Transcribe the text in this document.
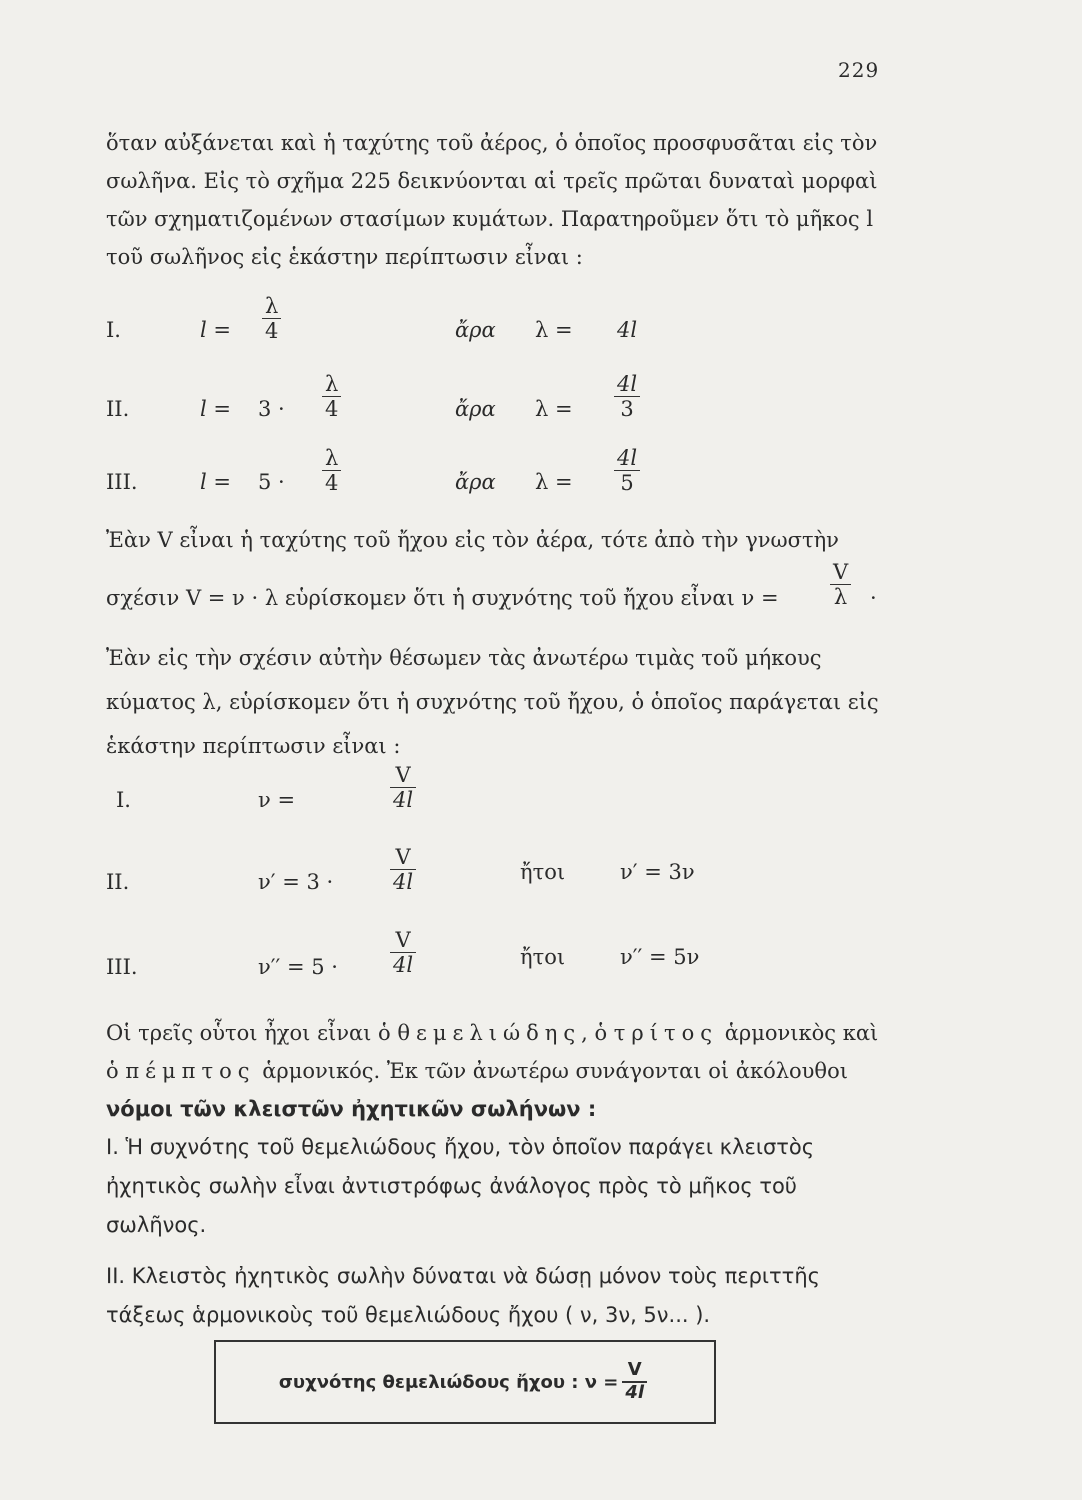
229

ὅταν αὐξάνεται καὶ ἡ ταχύτης τοῦ ἀέρος, ὁ ὁποῖος προσφυσᾶται εἰς τὸν σωλῆνα. Εἰς τὸ σχῆμα 225 δεικνύονται αἱ τρεῖς πρῶται δυναταὶ μορφαὶ τῶν σχηματιζομένων στασίμων κυμάτων. Παρατηροῦμεν ὅτι τὸ μῆκος l τοῦ σωλῆνος εἰς ἑκάστην περίπτωσιν εἶναι :

I.	$l = \frac{\lambda}{4}$	ἄρα λ = 4l
II.	$l = 3 \cdot \frac{\lambda}{4}$	ἄρα $\lambda = \frac{4l}{3}$
III.	$l = 5 \cdot \frac{\lambda}{4}$	ἄρα $\lambda = \frac{4l}{5}$
Ἐὰν V εἶναι ἡ ταχύτης τοῦ ἤχου εἰς τὸν ἀέρα, τότε ἀπὸ τὴν γνωστὴν
σχέσιν V = ν · λ εὑρίσκομεν ὅτι ἡ συχνότης τοῦ ἤχου εἶναι $\nu = \frac{V}{\lambda}$ ·

Ἐὰν εἰς τὴν σχέσιν αὐτὴν θέσωμεν τὰς ἀνωτέρω τιμὰς τοῦ μήκους κύματος λ, εὑρίσκομεν ὅτι ἡ συχνότης τοῦ ἤχου, ὁ ὁποῖος παράγεται εἰς ἑκάστην περίπτωσιν εἶναι :

I.	ν =	$\frac{V}{4l}$
II.	ν′ = 3 ·	$\frac{V}{4l}$	ἤτοι	ν′ = 3ν
III.	$\nu'' = 5 \cdot \frac{V}{4l}$	ἤτοι	ν′′ = 5ν

Οἱ τρεῖς οὗτοι ἦχοι εἶναι ὁ θεμελιώδης, ὁ τρίτος ἁρμονικὸς καὶ ὁ πέμπτος ἁρμονικός. Ἐκ τῶν ἀνωτέρω συνάγονται οἱ ἀκόλουθοι νόμοι τῶν κλειστῶν ἠχητικῶν σωλήνων :

Ι. Ἡ συχνότης τοῦ θεμελιώδους ἤχου, τὸν ὁποῖον παράγει κλειστὸς ἠχητικὸς σωλὴν εἶναι ἀντιστρόφως ἀνάλογος πρὸς τὸ μῆκος τοῦ σωλῆνος.

ΙΙ. Κλειστὸς ἠχητικὸς σωλὴν δύναται νὰ δώσῃ μόνον τοὺς περιττῆς τάξεως ἁρμονικοὺς τοῦ θεμελιώδους ἤχου ( ν, 3ν, 5ν... ).

συχνότης θεμελιώδους ἤχου : $\nu = \frac{V}{4l}$
